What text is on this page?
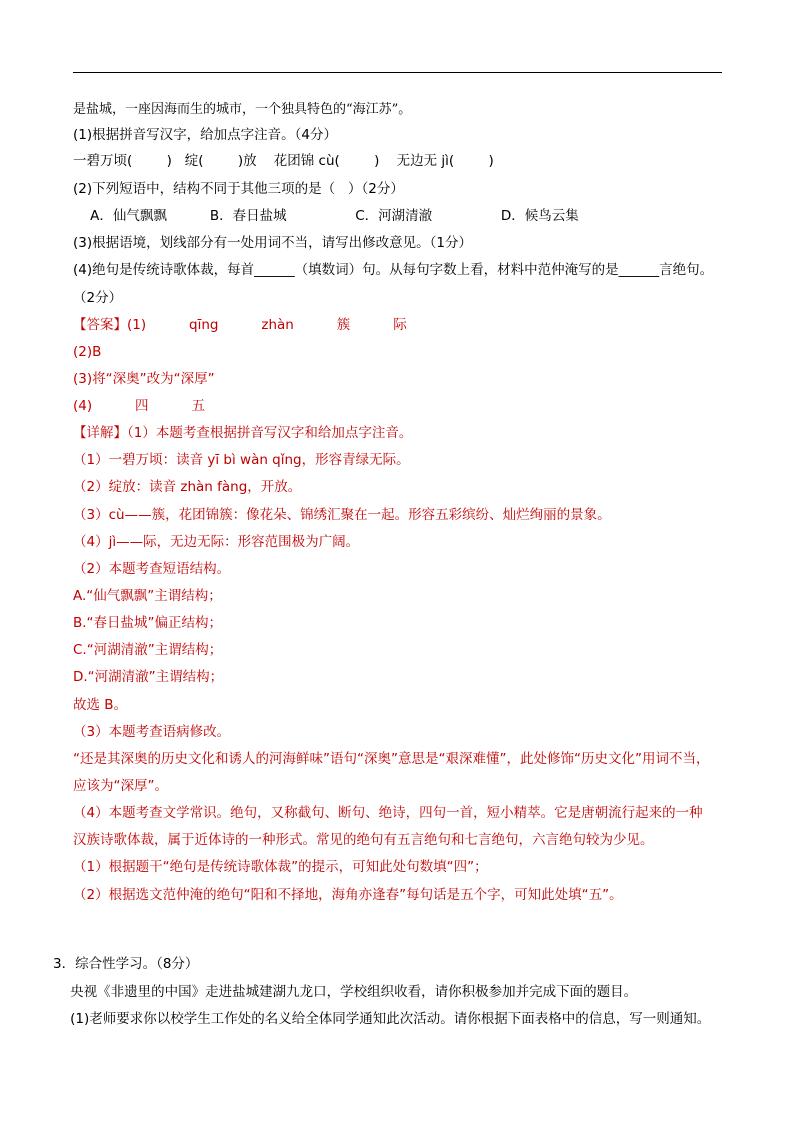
是盐城，一座因海而生的城市，一个独具特色的“海江苏”。
(1)根据拼音写汉字，给加点字注音。（4分）
一碧万顷(        )   绽(        )放    花团锦 cù(        )    无边无 jì(        )
(2)下列短语中，结构不同于其他三项的是（   ）（2分）
A．仙气飘飘          B．春日盐城                C．河湖清澈                D．候鸟云集
(3)根据语境，划线部分有一处用词不当，请写出修改意见。（1分）
(4)绝句是传统诗歌体裁，每首______（填数词）句。从每句字数上看，材料中范仲淹写的是______言绝句。
（2分）
【答案】(1)          qīng          zhàn          簇          际
(2)B
(3)将“深奥”改为“深厚”
(4)          四          五
【详解】（1）本题考查根据拼音写汉字和给加点字注音。
（1）一碧万顷：读音 yī bì wàn qǐng，形容青绿无际。
（2）绽放：读音 zhàn fàng，开放。
（3）cù——簇，花团锦簇：像花朵、锦绣汇聚在一起。形容五彩缤纷、灿烂绚丽的景象。
（4）jì——际，无边无际：形容范围极为广阔。
（2）本题考查短语结构。
A.“仙气飘飘”主谓结构；
B.“春日盐城”偏正结构；
C.“河湖清澈”主谓结构；
D.“河湖清澈”主谓结构；
故选 B。
（3）本题考查语病修改。
“还是其深奥的历史文化和诱人的河海鲜味”语句“深奥”意思是“艰深难懂”，此处修饰“历史文化”用词不当，
应该为“深厚”。
（4）本题考查文学常识。绝句，又称截句、断句、绝诗，四句一首，短小精萃。它是唐朝流行起来的一种
汉族诗歌体裁，属于近体诗的一种形式。常见的绝句有五言绝句和七言绝句，六言绝句较为少见。
（1）根据题干“绝句是传统诗歌体裁”的提示，可知此处句数填“四”；
（2）根据选文范仲淹的绝句“阳和不择地，海角亦逢春”每句话是五个字，可知此处填“五”。
3．综合性学习。（8分）
央视《非遗里的中国》走进盐城建湖九龙口，学校组织收看，请你积极参加并完成下面的题目。
(1)老师要求你以校学生工作处的名义给全体同学通知此次活动。请你根据下面表格中的信息，写一则通知。
